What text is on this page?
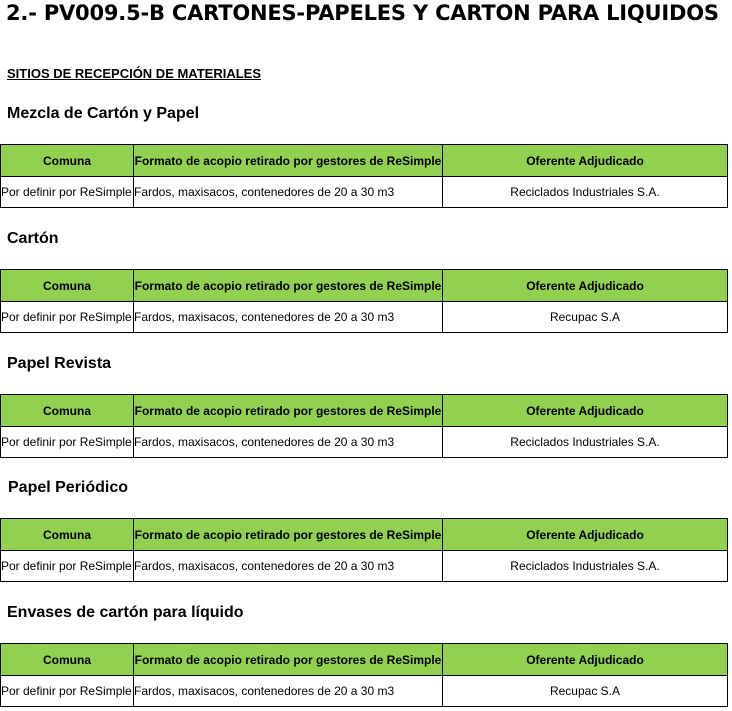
2.- PV009.5-B CARTONES-PAPELES Y CARTON PARA LIQUIDOS
SITIOS DE RECEPCIÓN DE MATERIALES
Mezcla de Cartón y Papel
Comuna	Formato de acopio retirado por gestores de ReSimple	Oferente Adjudicado
Por definir por ReSimple	Fardos, maxisacos, contenedores de 20 a 30 m3	Reciclados Industriales S.A.
Cartón
Comuna	Formato de acopio retirado por gestores de ReSimple	Oferente Adjudicado
Por definir por ReSimple	Fardos, maxisacos, contenedores de 20 a 30 m3	Recupac S.A
Papel Revista
Comuna	Formato de acopio retirado por gestores de ReSimple	Oferente Adjudicado
Por definir por ReSimple	Fardos, maxisacos, contenedores de 20 a 30 m3	Reciclados Industriales S.A.
Papel Periódico
Comuna	Formato de acopio retirado por gestores de ReSimple	Oferente Adjudicado
Por definir por ReSimple	Fardos, maxisacos, contenedores de 20 a 30 m3	Reciclados Industriales S.A.
Envases de cartón para líquido
Comuna	Formato de acopio retirado por gestores de ReSimple	Oferente Adjudicado
Por definir por ReSimple	Fardos, maxisacos, contenedores de 20 a 30 m3	Recupac S.A
